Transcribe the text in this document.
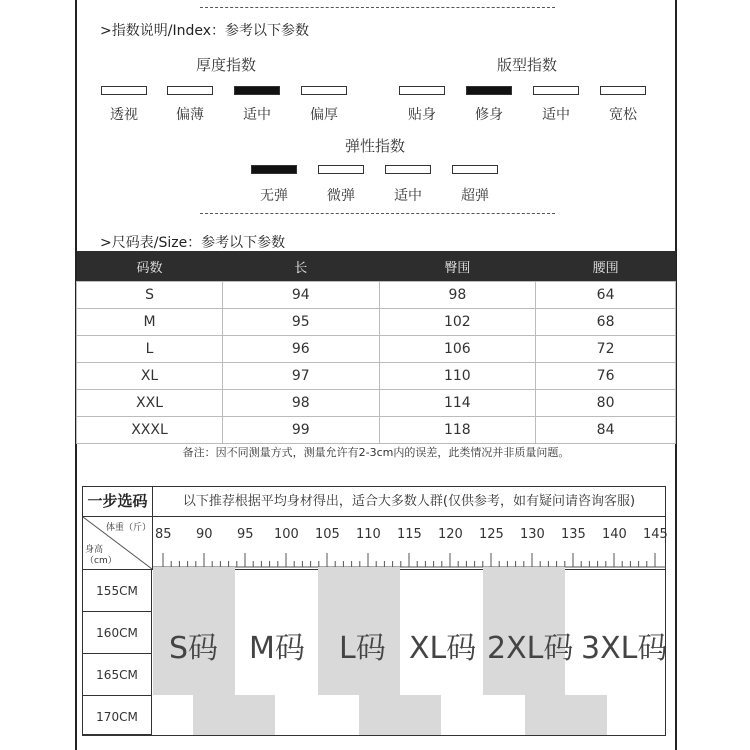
>指数说明/Index：参考以下参数
厚度指数
透视	偏薄	适中	偏厚
版型指数
贴身	修身	适中	宽松
弹性指数
无弹	微弹	适中	超弹
>尺码表/Size：参考以下参数
码数	长	臀围	腰围
S	94	98	64
M	95	102	68
L	96	106	72
XL	97	110	76
XXL	98	114	80
XXXL	99	118	84
备注：因不同测量方式，测量允许有2-3cm内的误差，此类情况并非质量问题。
一步选码	以下推荐根据平均身材得出，适合大多数人群(仅供参考，如有疑问请咨询客服)
体重（斤）
身高（cm）
85 90 95 100 105 110 115 120 125 130 135 140 145
155CM
160CM
165CM
170CM
S码 M码 L码 XL码 2XL码 3XL码
